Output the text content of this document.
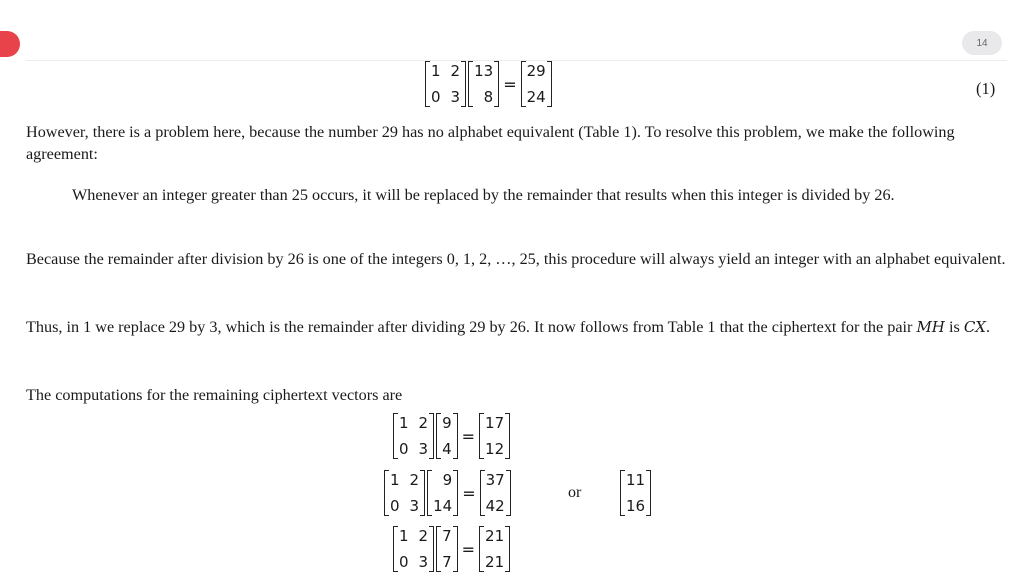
14
1 2
0 3
13
8
=
29
24	(1)

However, there is a problem here, because the number 29 has no alphabet equivalent (Table 1). To resolve this problem, we make the following agreement:

Whenever an integer greater than 25 occurs, it will be replaced by the remainder that results when this integer is divided by 26.

Because the remainder after division by 26 is one of the integers 0, 1, 2, …, 25, this procedure will always yield an integer with an alphabet equivalent.

Thus, in 1 we replace 29 by 3, which is the remainder after dividing 29 by 26. It now follows from Table 1 that the ciphertext for the pair MH is CX.

The computations for the remaining ciphertext vectors are

1 2
0 3
9
4
=
17
12
1 2
0 3
9
14
=
37
42
or
11
16
1 2
0 3
7
7
=
21
21
